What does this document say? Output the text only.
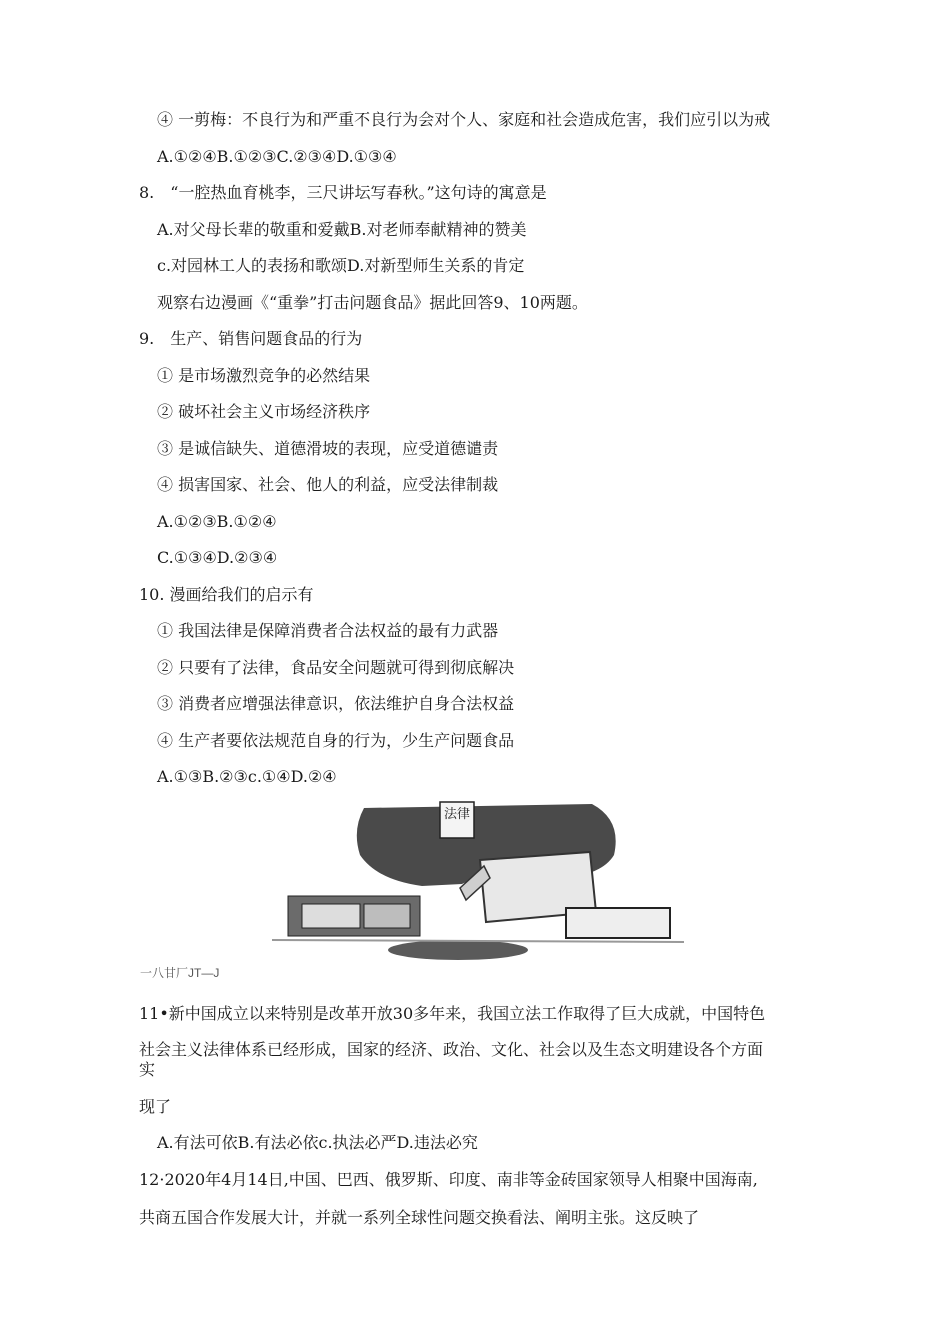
④ 一剪梅：不良行为和严重不良行为会对个人、家庭和社会造成危害，我们应引以为戒
A.①②④B.①②③C.②③④D.①③④
8.　“一腔热血育桃李，三尺讲坛写春秋。”这句诗的寓意是
A.对父母长辈的敬重和爱戴B.对老师奉献精神的赞美
c.对园林工人的表扬和歌颂D.对新型师生关系的肯定
观察右边漫画《“重拳”打击问题食品》据此回答9、10两题。
9.　生产、销售问题食品的行为
① 是市场激烈竞争的必然结果
② 破坏社会主义市场经济秩序
③ 是诚信缺失、道德滑坡的表现，应受道德谴责
④ 损害国家、社会、他人的利益，应受法律制裁
A.①②③B.①②④
C.①③④D.②③④
10. 漫画给我们的启示有
① 我国法律是保障消费者合法权益的最有力武器
② 只要有了法律，食品安全问题就可得到彻底解决
③ 消费者应增强法律意识，依法维护自身合法权益
④ 生产者要依法规范自身的行为，少生产问题食品
A.①③B.②③c.①④D.②④
法律
一八甘厂JT—J
11•新中国成立以来特别是改革开放30多年来，我国立法工作取得了巨大成就，中国特色
社会主义法律体系已经形成，国家的经济、政治、文化、社会以及生态文明建设各个方面
实
现了
A.有法可依B.有法必依c.执法必严D.违法必究
12·2020年4月14日,中国、巴西、俄罗斯、印度、南非等金砖国家领导人相聚中国海南,
共商五国合作发展大计，并就一系列全球性问题交换看法、阐明主张。这反映了
